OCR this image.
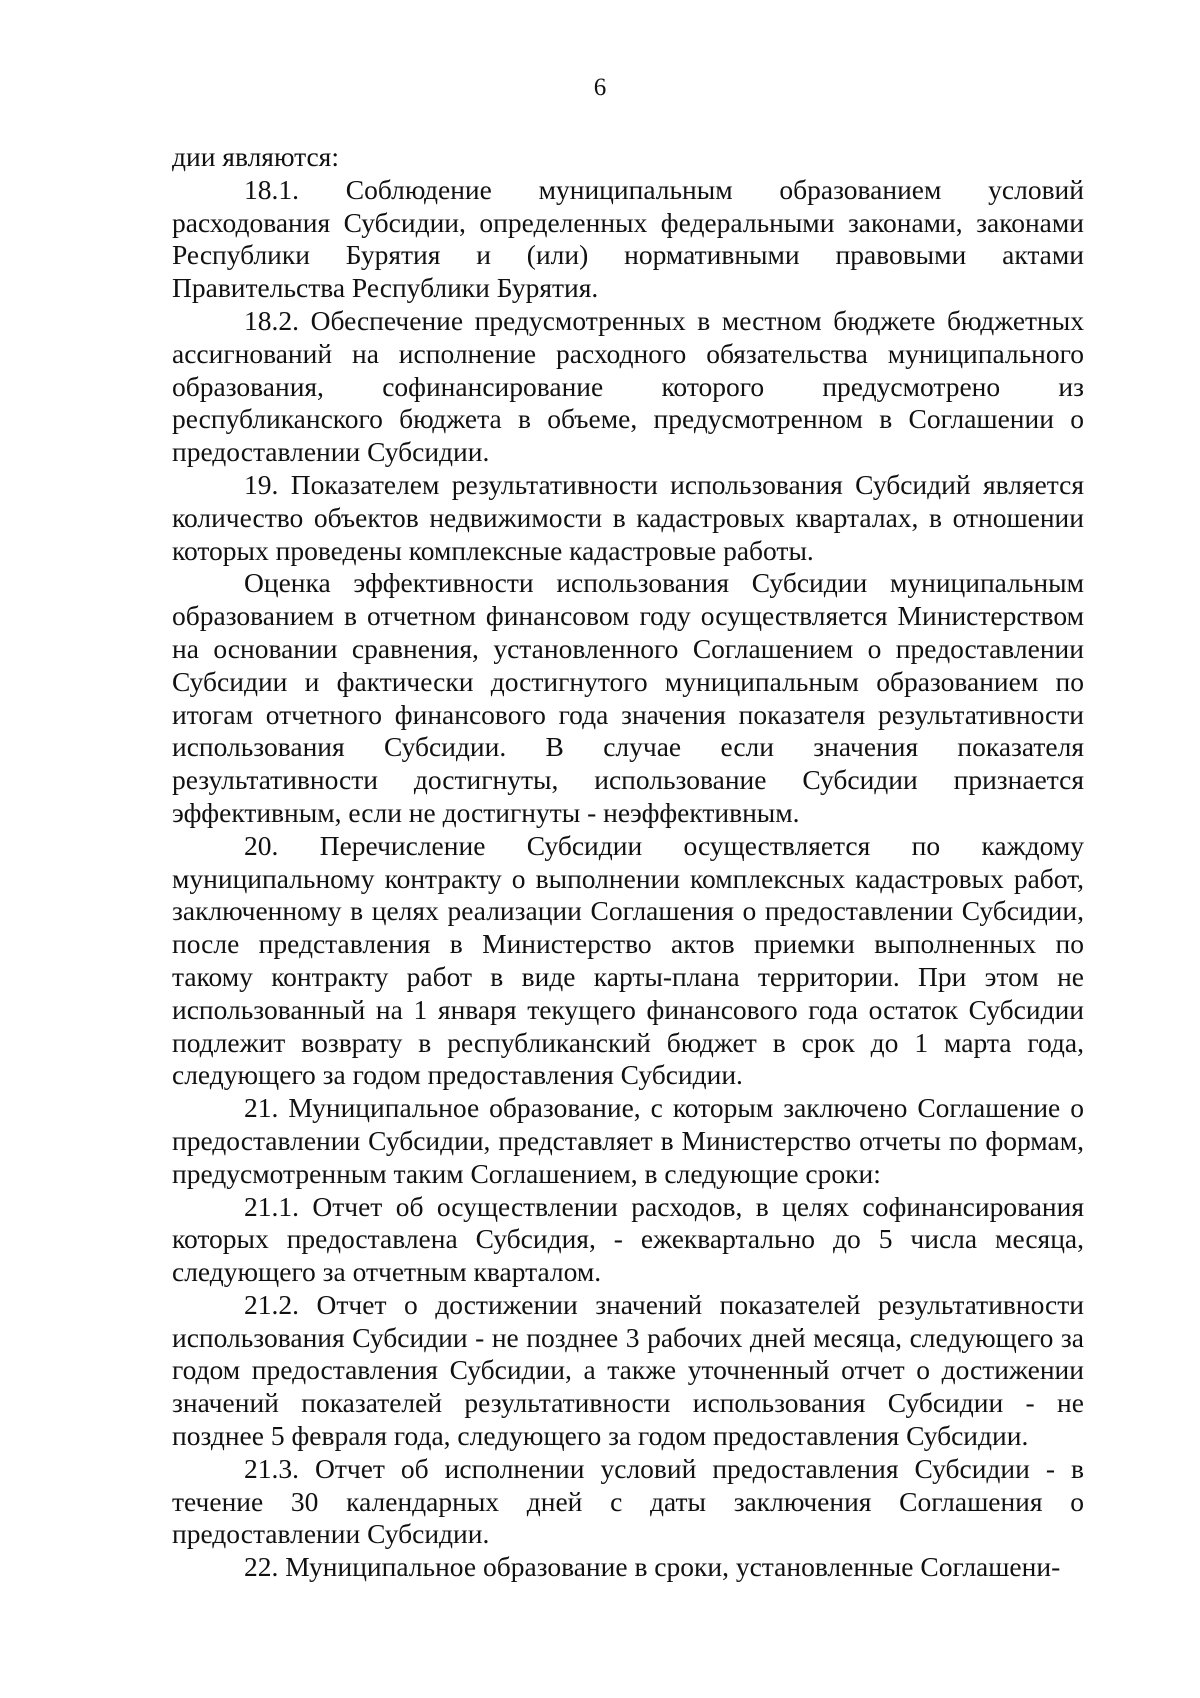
6

дии являются:

18.1. Соблюдение муниципальным образованием условий расходования Субсидии, определенных федеральными законами, законами Республики Бурятия и (или) нормативными правовыми актами Правительства Республики Бурятия.

18.2. Обеспечение предусмотренных в местном бюджете бюджетных ассигнований на исполнение расходного обязательства муниципального образования, софинансирование которого предусмотрено из республиканского бюджета в объеме, предусмотренном в Соглашении о предоставлении Субсидии.

19. Показателем результативности использования Субсидий является количество объектов недвижимости в кадастровых кварталах, в отношении которых проведены комплексные кадастровые работы.

Оценка эффективности использования Субсидии муниципальным образованием в отчетном финансовом году осуществляется Министерством на основании сравнения, установленного Соглашением о предоставлении Субсидии и фактически достигнутого муниципальным образованием по итогам отчетного финансового года значения показателя результативности использования Субсидии. В случае если значения показателя результативности достигнуты, использование Субсидии признается эффективным, если не достигнуты - неэффективным.

20. Перечисление Субсидии осуществляется по каждому муниципальному контракту о выполнении комплексных кадастровых работ, заключенному в целях реализации Соглашения о предоставлении Субсидии, после представления в Министерство актов приемки выполненных по такому контракту работ в виде карты-плана территории. При этом не использованный на 1 января текущего финансового года остаток Субсидии подлежит возврату в республиканский бюджет в срок до 1 марта года, следующего за годом предоставления Субсидии.

21. Муниципальное образование, с которым заключено Соглашение о предоставлении Субсидии, представляет в Министерство отчеты по формам, предусмотренным таким Соглашением, в следующие сроки:

21.1. Отчет об осуществлении расходов, в целях софинансирования которых предоставлена Субсидия, - ежеквартально до 5 числа месяца, следующего за отчетным кварталом.

21.2. Отчет о достижении значений показателей результативности использования Субсидии - не позднее 3 рабочих дней месяца, следующего за годом предоставления Субсидии, а также уточненный отчет о достижении значений показателей результативности использования Субсидии - не позднее 5 февраля года, следующего за годом предоставления Субсидии.

21.3. Отчет об исполнении условий предоставления Субсидии - в течение 30 календарных дней с даты заключения Соглашения о предоставлении Субсидии.

22. Муниципальное образование в сроки, установленные Соглашени-
